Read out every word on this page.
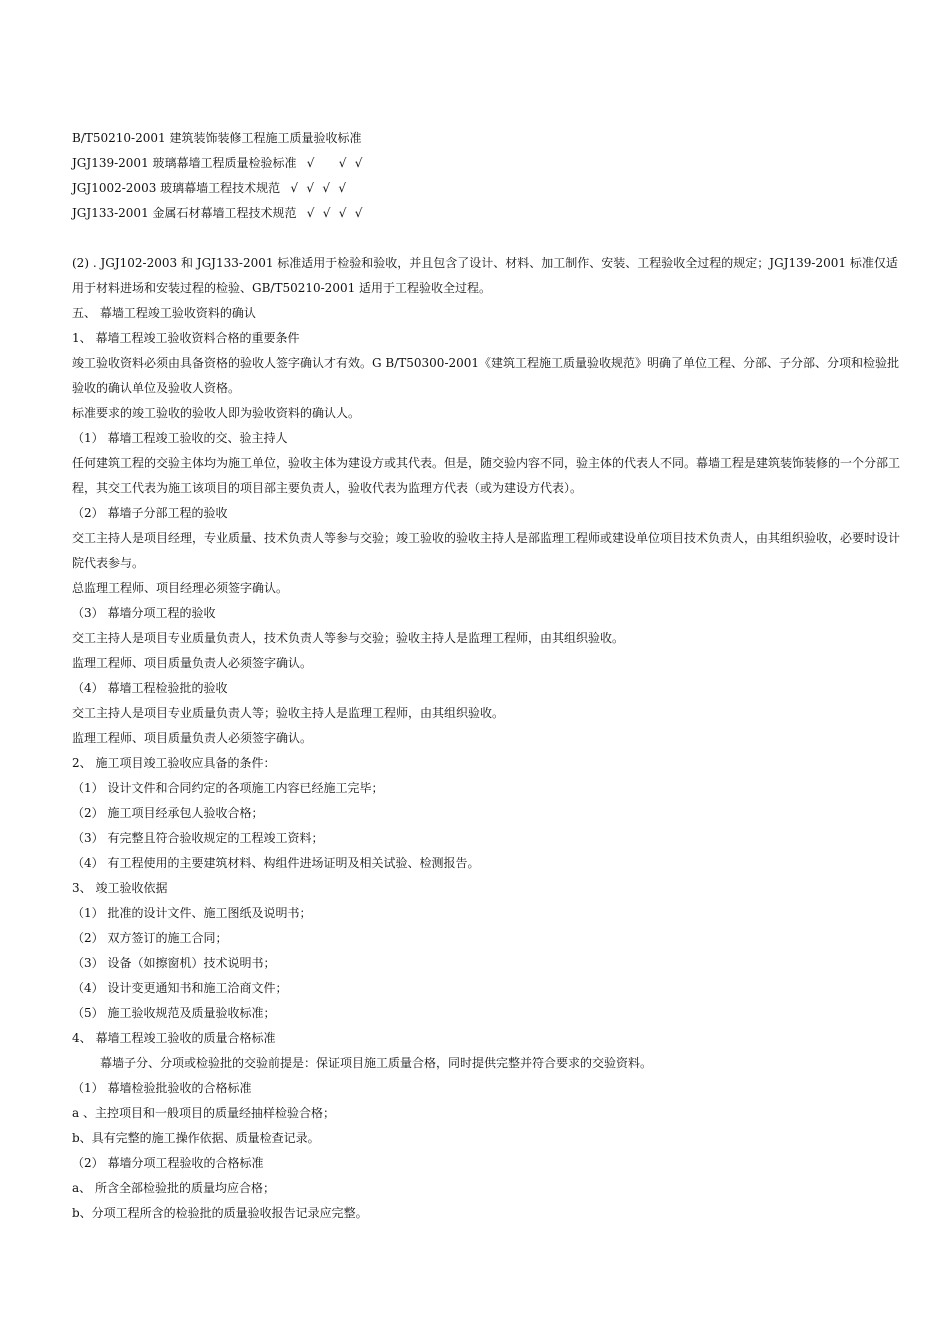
B/T50210-2001 建筑装饰装修工程施工质量验收标准
JGJ139-2001 玻璃幕墙工程质量检验标准 √	√ √
JGJ1002-2003 玻璃幕墙工程技术规范 √ √ √ √
JGJ133-2001 金属石材幕墙工程技术规范 √ √ √ √
(2) . JGJ102-2003 和 JGJ133-2001 标准适用于检验和验收，并且包含了设计、材料、加工制作、安装、工程验收全过程的规定；JGJ139-2001 标准仅适用于材料进场和安装过程的检验、GB/T50210-2001 适用于工程验收全过程。
五、 幕墙工程竣工验收资料的确认
1、 幕墙工程竣工验收资料合格的重要条件
竣工验收资料必须由具备资格的验收人签字确认才有效。G B/T50300-2001《建筑工程施工质量验收规范》明确了单位工程、分部、子分部、分项和检验批验收的确认单位及验收人资格。
标准要求的竣工验收的验收人即为验收资料的确认人。
（1） 幕墙工程竣工验收的交、验主持人
任何建筑工程的交验主体均为施工单位，验收主体为建设方或其代表。但是，随交验内容不同，验主体的代表人不同。幕墙工程是建筑装饰装修的一个分部工程，其交工代表为施工该项目的项目部主要负责人，验收代表为监理方代表（或为建设方代表）。
（2） 幕墙子分部工程的验收
交工主持人是项目经理，专业质量、技术负责人等参与交验；竣工验收的验收主持人是部监理工程师或建设单位项目技术负责人，由其组织验收，必要时设计院代表参与。
总监理工程师、项目经理必须签字确认。
（3） 幕墙分项工程的验收
交工主持人是项目专业质量负责人，技术负责人等参与交验；验收主持人是监理工程师，由其组织验收。
监理工程师、项目质量负责人必须签字确认。
（4） 幕墙工程检验批的验收
交工主持人是项目专业质量负责人等；验收主持人是监理工程师，由其组织验收。
监理工程师、项目质量负责人必须签字确认。
2、 施工项目竣工验收应具备的条件：
（1） 设计文件和合同约定的各项施工内容已经施工完毕；
（2） 施工项目经承包人验收合格；
（3） 有完整且符合验收规定的工程竣工资料；
（4） 有工程使用的主要建筑材料、构组件进场证明及相关试验、检测报告。
3、 竣工验收依据
（1） 批准的设计文件、施工图纸及说明书；
（2） 双方签订的施工合同；
（3） 设备（如擦窗机）技术说明书；
（4） 设计变更通知书和施工洽商文件；
（5） 施工验收规范及质量验收标准；
4、 幕墙工程竣工验收的质量合格标准
幕墙子分、分项或检验批的交验前提是：保证项目施工质量合格，同时提供完整并符合要求的交验资料。
（1） 幕墙检验批验收的合格标准
a 、主控项目和一般项目的质量经抽样检验合格；
b、具有完整的施工操作依据、质量检查记录。
（2） 幕墙分项工程验收的合格标准
a、 所含全部检验批的质量均应合格；
b、分项工程所含的检验批的质量验收报告记录应完整。
